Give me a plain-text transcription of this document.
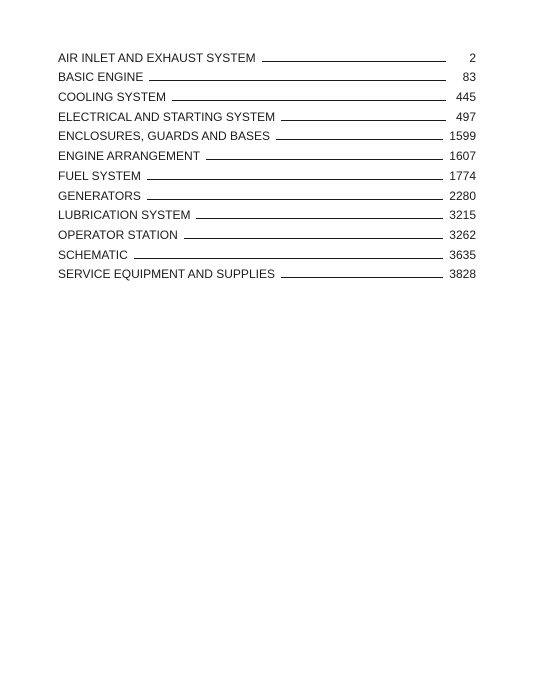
AIR INLET AND EXHAUST SYSTEM	2
BASIC ENGINE	83
COOLING SYSTEM	445
ELECTRICAL AND STARTING SYSTEM	497
ENCLOSURES, GUARDS AND BASES	1599
ENGINE ARRANGEMENT	1607
FUEL SYSTEM	1774
GENERATORS	2280
LUBRICATION SYSTEM	3215
OPERATOR STATION	3262
SCHEMATIC	3635
SERVICE EQUIPMENT AND SUPPLIES	3828
